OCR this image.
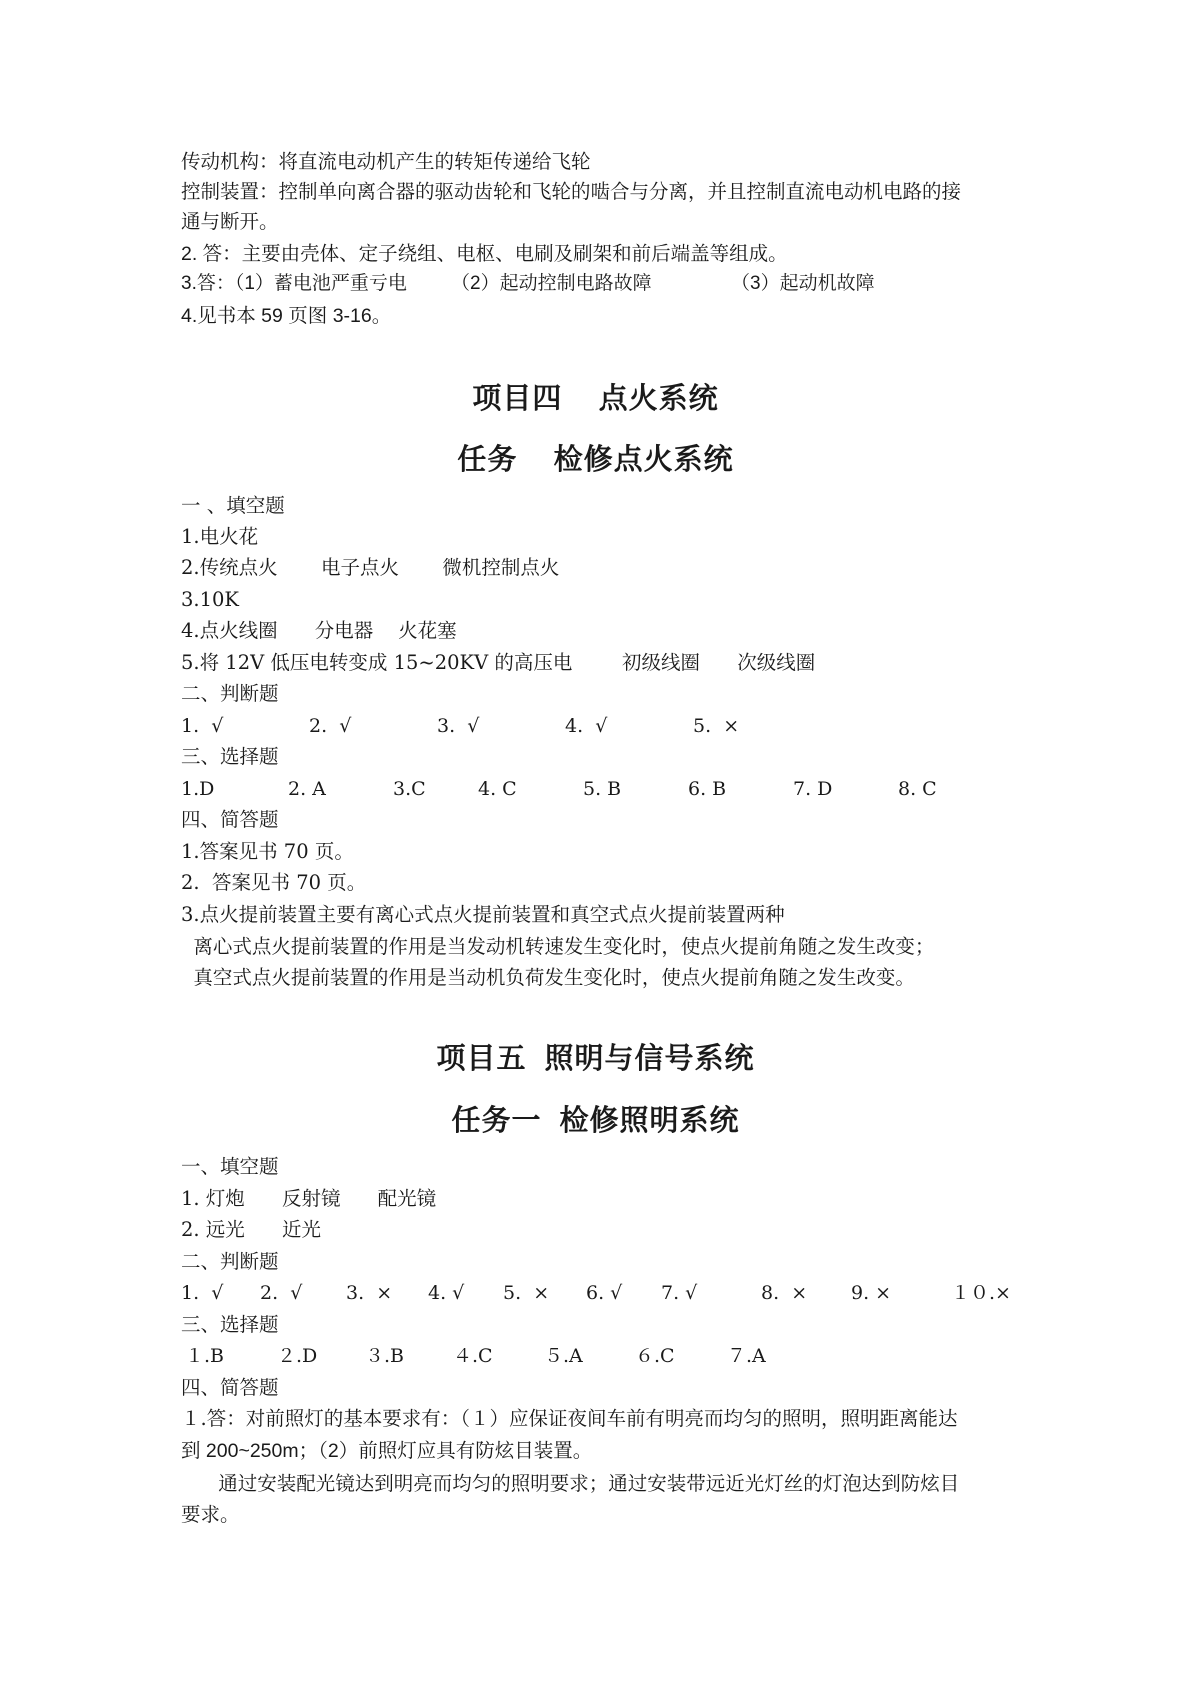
传动机构：将直流电动机产生的转矩传递给飞轮
控制装置：控制单向离合器的驱动齿轮和飞轮的啮合与分离，并且控制直流电动机电路的接
通与断开。
2. 答：主要由壳体、定子绕组、电枢、电刷及刷架和前后端盖等组成。
3.答：（1）蓄电池严重亏电 （2）起动控制电路故障	（3）起动机故障
4.见书本 59 页图 3-16。
项目四    点火系统
任务    检修点火系统
一 、填空题
1.电火花
2.传统点火       电子点火       微机控制点火
3.10K
4.点火线圈      分电器    火花塞
5.将 12V 低压电转变成 15~20KV 的高压电        初级线圈      次级线圈
二、判断题
1.  √	2.  √	3.  √	4.  √	5.  ×
三、选择题
1.D	2. A	3.C	4. C	5. B	6. B	7. D	8. C
四、简答题
1.答案见书 70 页。
2.  答案见书 70 页。
3.点火提前装置主要有离心式点火提前装置和真空式点火提前装置两种
离心式点火提前装置的作用是当发动机转速发生变化时，使点火提前角随之发生改变；
真空式点火提前装置的作用是当动机负荷发生变化时，使点火提前角随之发生改变。
项目五  照明与信号系统
任务一  检修照明系统
一、填空题
1. 灯炮      反射镜      配光镜
2. 远光      近光
二、判断题
1.  √ 2.  √ 3.  × 4. √ 5.  × 6. √ 7. √	8.  × 9. ×	１０.×
三、选择题
１.B	２.D	３.B	４.C	５.A	６.C	７.A
四、简答题
１.答：对前照灯的基本要求有：（１）应保证夜间车前有明亮而均匀的照明，照明距离能达
到 200~250m；（2）前照灯应具有防炫目装置。
通过安装配光镜达到明亮而均匀的照明要求；通过安装带远近光灯丝的灯泡达到防炫目
要求。
